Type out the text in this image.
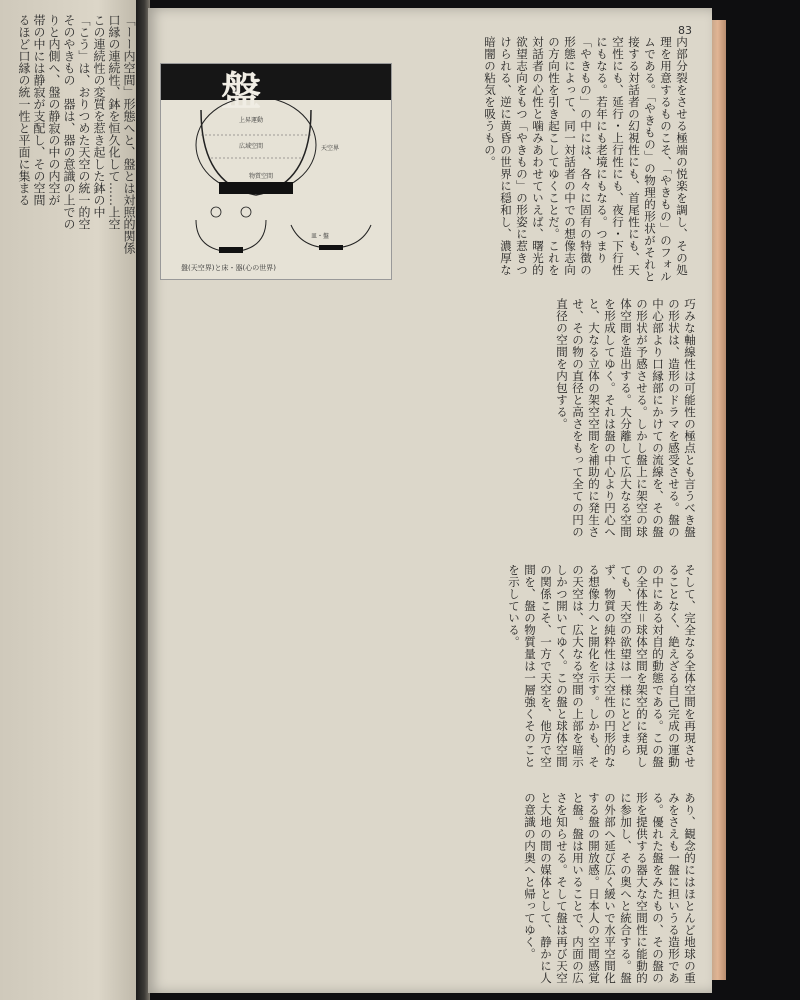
「ーー内空間」形態へと、盤とは対照的関係
口縁の連続性、鉢を恒久化して……上空
この連続性の変質を惹き起した鉢の中
「こう」は、おりつめた天空の統一的空
そのやきもの　器は、器の意識の上での
りと内側へ、盤の静寂の中の内空が
帯の中には静寂が支配し、その空間
るほど口縁の統一性と平面に集まる	83
内部分裂をさせる極端の悦楽を調し、その処理を用意するものこそ、「やきもの」のフォルムである。「やきもの」の物理的形状がそれと接する対話者の幻視性にも、首尾性にも、天空性にも、延行・上行性にも、夜行・下行性にもなる。若年にも老境にもなる。つまり「やきもの」の中には、各々に固有の特徴の形態によって、同一対話者の中での想像志向の方向性を引き起こしてゆくことだ。これを対話者の心性と噛みあわせていえば、曙光的欲望志向をもつ「やきもの」の形姿に惹きつけられる、逆に黄昏の世界に穏和し、濃厚な暗闇の粘気を吸うもの。
盤
上昇運動
広域空間	天空界
物質空間
皿・盤
盤(天空界)と床・器(心の世界)
巧みな軸線性は可能性の極点とも言うべき盤の形状は、造形のドラマを感受させる。盤の中心部より口縁部にかけての流線を、その盤の形状が予感させる。しかし盤上に架空の球体空間を造出する。大分離して広大なる空間を形成してゆく。それは盤の中心より円心へと、大なる立体の架空空間を補助的に発生させ、その物の直径と高さをもって全ての円の直径の空間を内包する。
そして、完全なる全体空間を再現させることなく、絶えざる自己完成の運動の中にある対自的動態である。この盤の全体性＝球体空間を架空的に発現しても、天空の欲望は一様にとどまらず、物質の純粋性は天空性の円形的なる想像力へと開化を示す。しかも、その天空は、広大なる空間の上部を暗示しかつ開いてゆく。この盤と球体空間の関係こそ、一方で天空を、他方で空間を、盤の物質量は一層強くそのことを示している。
あり、観念的にはほとんど地球の重みをさえも一盤に担いうる造形である。優れた盤をみたもの、その盤の形を提供する器大な空間性に能動的に参加し、その奥へと統合する。盤の外部へ延び広く緩いで水平空間化する盤の開放感。日本人の空間感覚と盤。盤は用いることで、内面の広さを知らせる。そして盤は再び天空と大地の間の媒体として、静かに人の意識の内奥へと帰ってゆく。
